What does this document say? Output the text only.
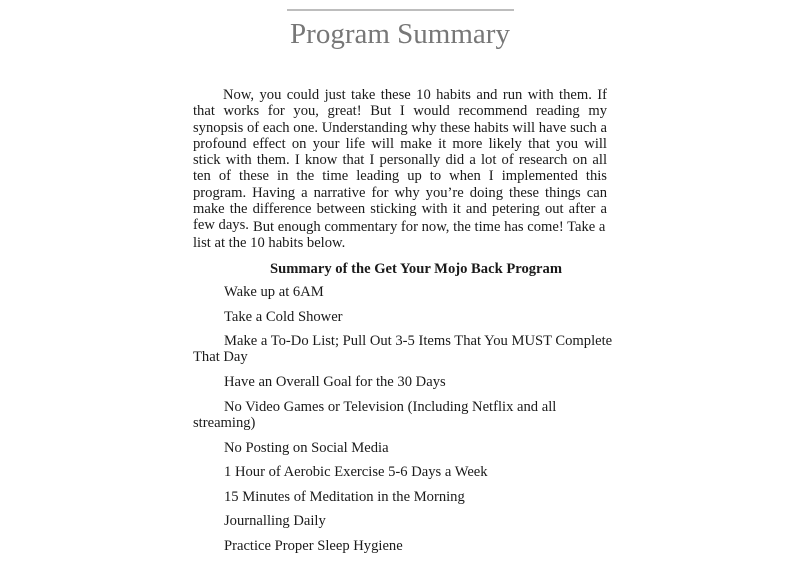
Program Summary

Now, you could just take these 10 habits and run with them. If that works for you, great! But I would recommend reading my synopsis of each one. Understanding why these habits will have such a profound effect on your life will make it more likely that you will stick with them. I know that I personally did a lot of research on all ten of these in the time leading up to when I implemented this program. Having a narrative for why you’re doing these things can make the difference between sticking with it and petering out after a few days. But enough commentary for now, the time has come! Take a list at the 10 habits below.

Summary of the Get Your Mojo Back Program
Wake up at 6AM
Take a Cold Shower
Make a To-Do List; Pull Out 3-5 Items That You MUST Complete That Day
Have an Overall Goal for the 30 Days
No Video Games or Television (Including Netflix and all streaming)
No Posting on Social Media
1 Hour of Aerobic Exercise 5-6 Days a Week
15 Minutes of Meditation in the Morning
Journalling Daily
Practice Proper Sleep Hygiene
